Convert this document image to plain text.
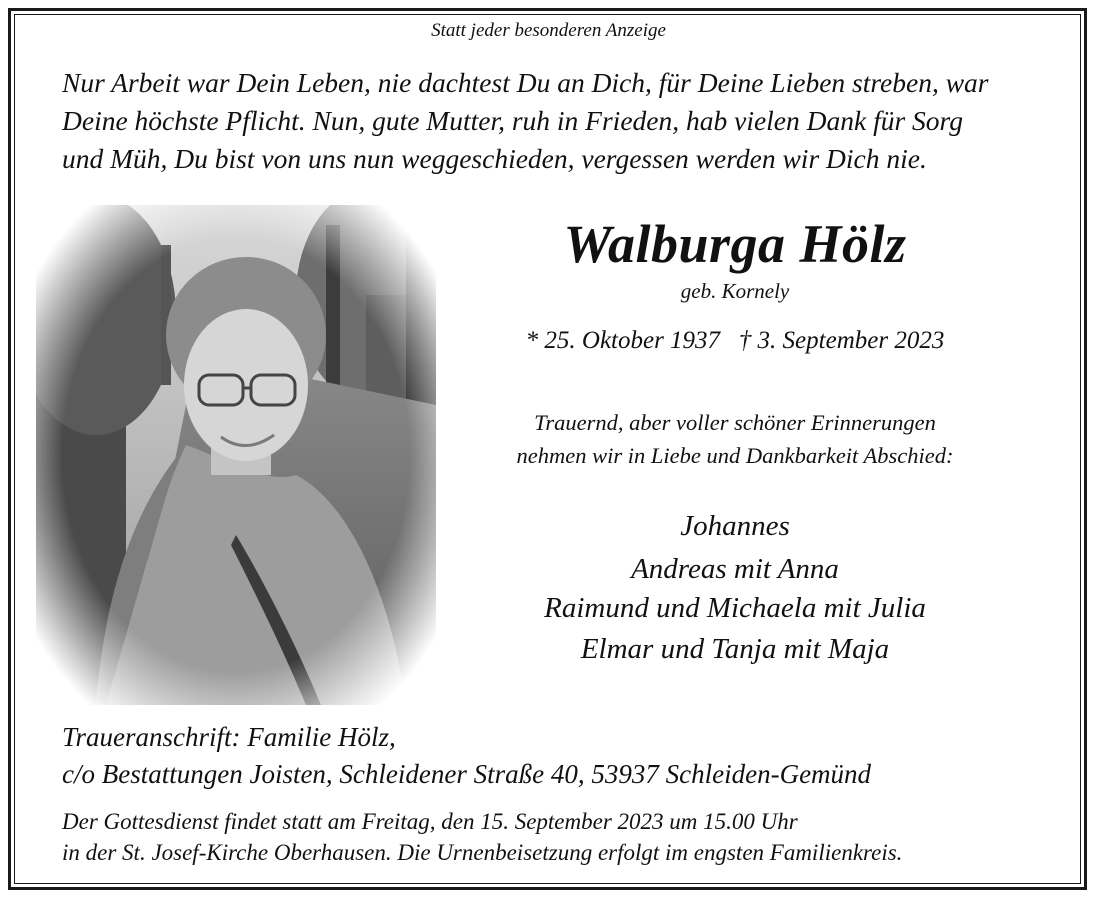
Statt jeder besonderen Anzeige
Nur Arbeit war Dein Leben, nie dachtest Du an Dich, für Deine Lieben streben, war
Deine höchste Pflicht. Nun, gute Mutter, ruh in Frieden, hab vielen Dank für Sorg
und Müh, Du bist von uns nun weggeschieden, vergessen werden wir Dich nie.
Walburga Hölz
geb. Kornely
* 25. Oktober 1937   † 3. September 2023
Trauernd, aber voller schöner Erinnerungen
nehmen wir in Liebe und Dankbarkeit Abschied:
Johannes
Andreas mit Anna
Raimund und Michaela mit Julia
Elmar und Tanja mit Maja
Traueranschrift: Familie Hölz,
c/o Bestattungen Joisten, Schleidener Straße 40, 53937 Schleiden-Gemünd
Der Gottesdienst findet statt am Freitag, den 15. September 2023 um 15.00 Uhr
in der St. Josef-Kirche Oberhausen. Die Urnenbeisetzung erfolgt im engsten Familienkreis.
